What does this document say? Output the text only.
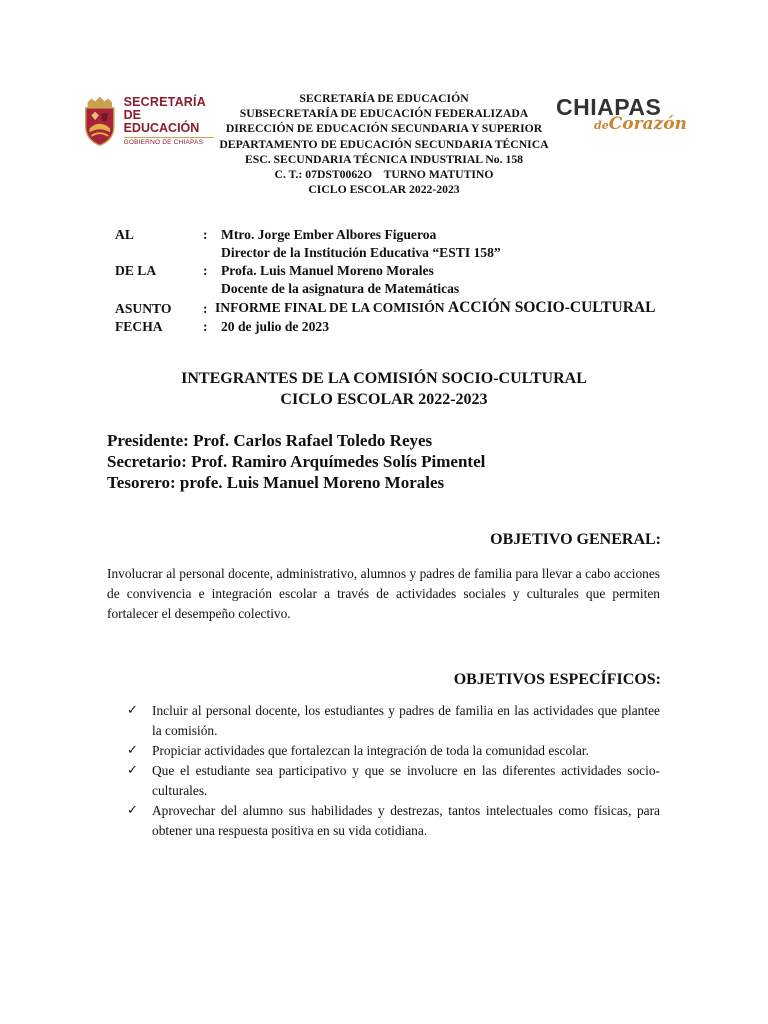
SECRETARÍA
DE EDUCACIÓN
GOBIERNO DE CHIAPAS
SECRETARÍA DE EDUCACIÓN
SUBSECRETARÍA DE EDUCACIÓN FEDERALIZADA
DIRECCIÓN DE EDUCACIÓN SECUNDARIA Y SUPERIOR
DEPARTAMENTO DE EDUCACIÓN SECUNDARIA TÉCNICA
ESC. SECUNDARIA TÉCNICA INDUSTRIAL No. 158
C. T.: 07DST0062O    TURNO MATUTINO
CICLO ESCOLAR 2022-2023
CHIAPAS
deCorazón
AL	: Mtro. Jorge Ember Albores Figueroa
Director de la Institución Educativa “ESTI 158”
DE LA	: Profa. Luis Manuel Moreno Morales
Docente de la asignatura de Matemáticas
ASUNTO : INFORME FINAL DE LA COMISIÓN ACCIÓN SOCIO-CULTURAL
FECHA	: 20 de julio de 2023
INTEGRANTES DE LA COMISIÓN SOCIO-CULTURAL
CICLO ESCOLAR 2022-2023
Presidente: Prof. Carlos Rafael Toledo Reyes
Secretario: Prof. Ramiro Arquímedes Solís Pimentel
Tesorero: profe. Luis Manuel Moreno Morales
OBJETIVO GENERAL:
Involucrar al personal docente, administrativo, alumnos y padres de familia para llevar a cabo acciones de convivencia e integración escolar a través de actividades sociales y culturales que permiten fortalecer el desempeño colectivo.
OBJETIVOS ESPECÍFICOS:
✓ Incluir al personal docente, los estudiantes y padres de familia en las actividades que plantee la comisión.
✓ Propiciar actividades que fortalezcan la integración de toda la comunidad escolar.
✓ Que el estudiante sea participativo y que se involucre en las diferentes actividades socio-culturales.
✓ Aprovechar del alumno sus habilidades y destrezas, tantos intelectuales como físicas, para obtener una respuesta positiva en su vida cotidiana.
